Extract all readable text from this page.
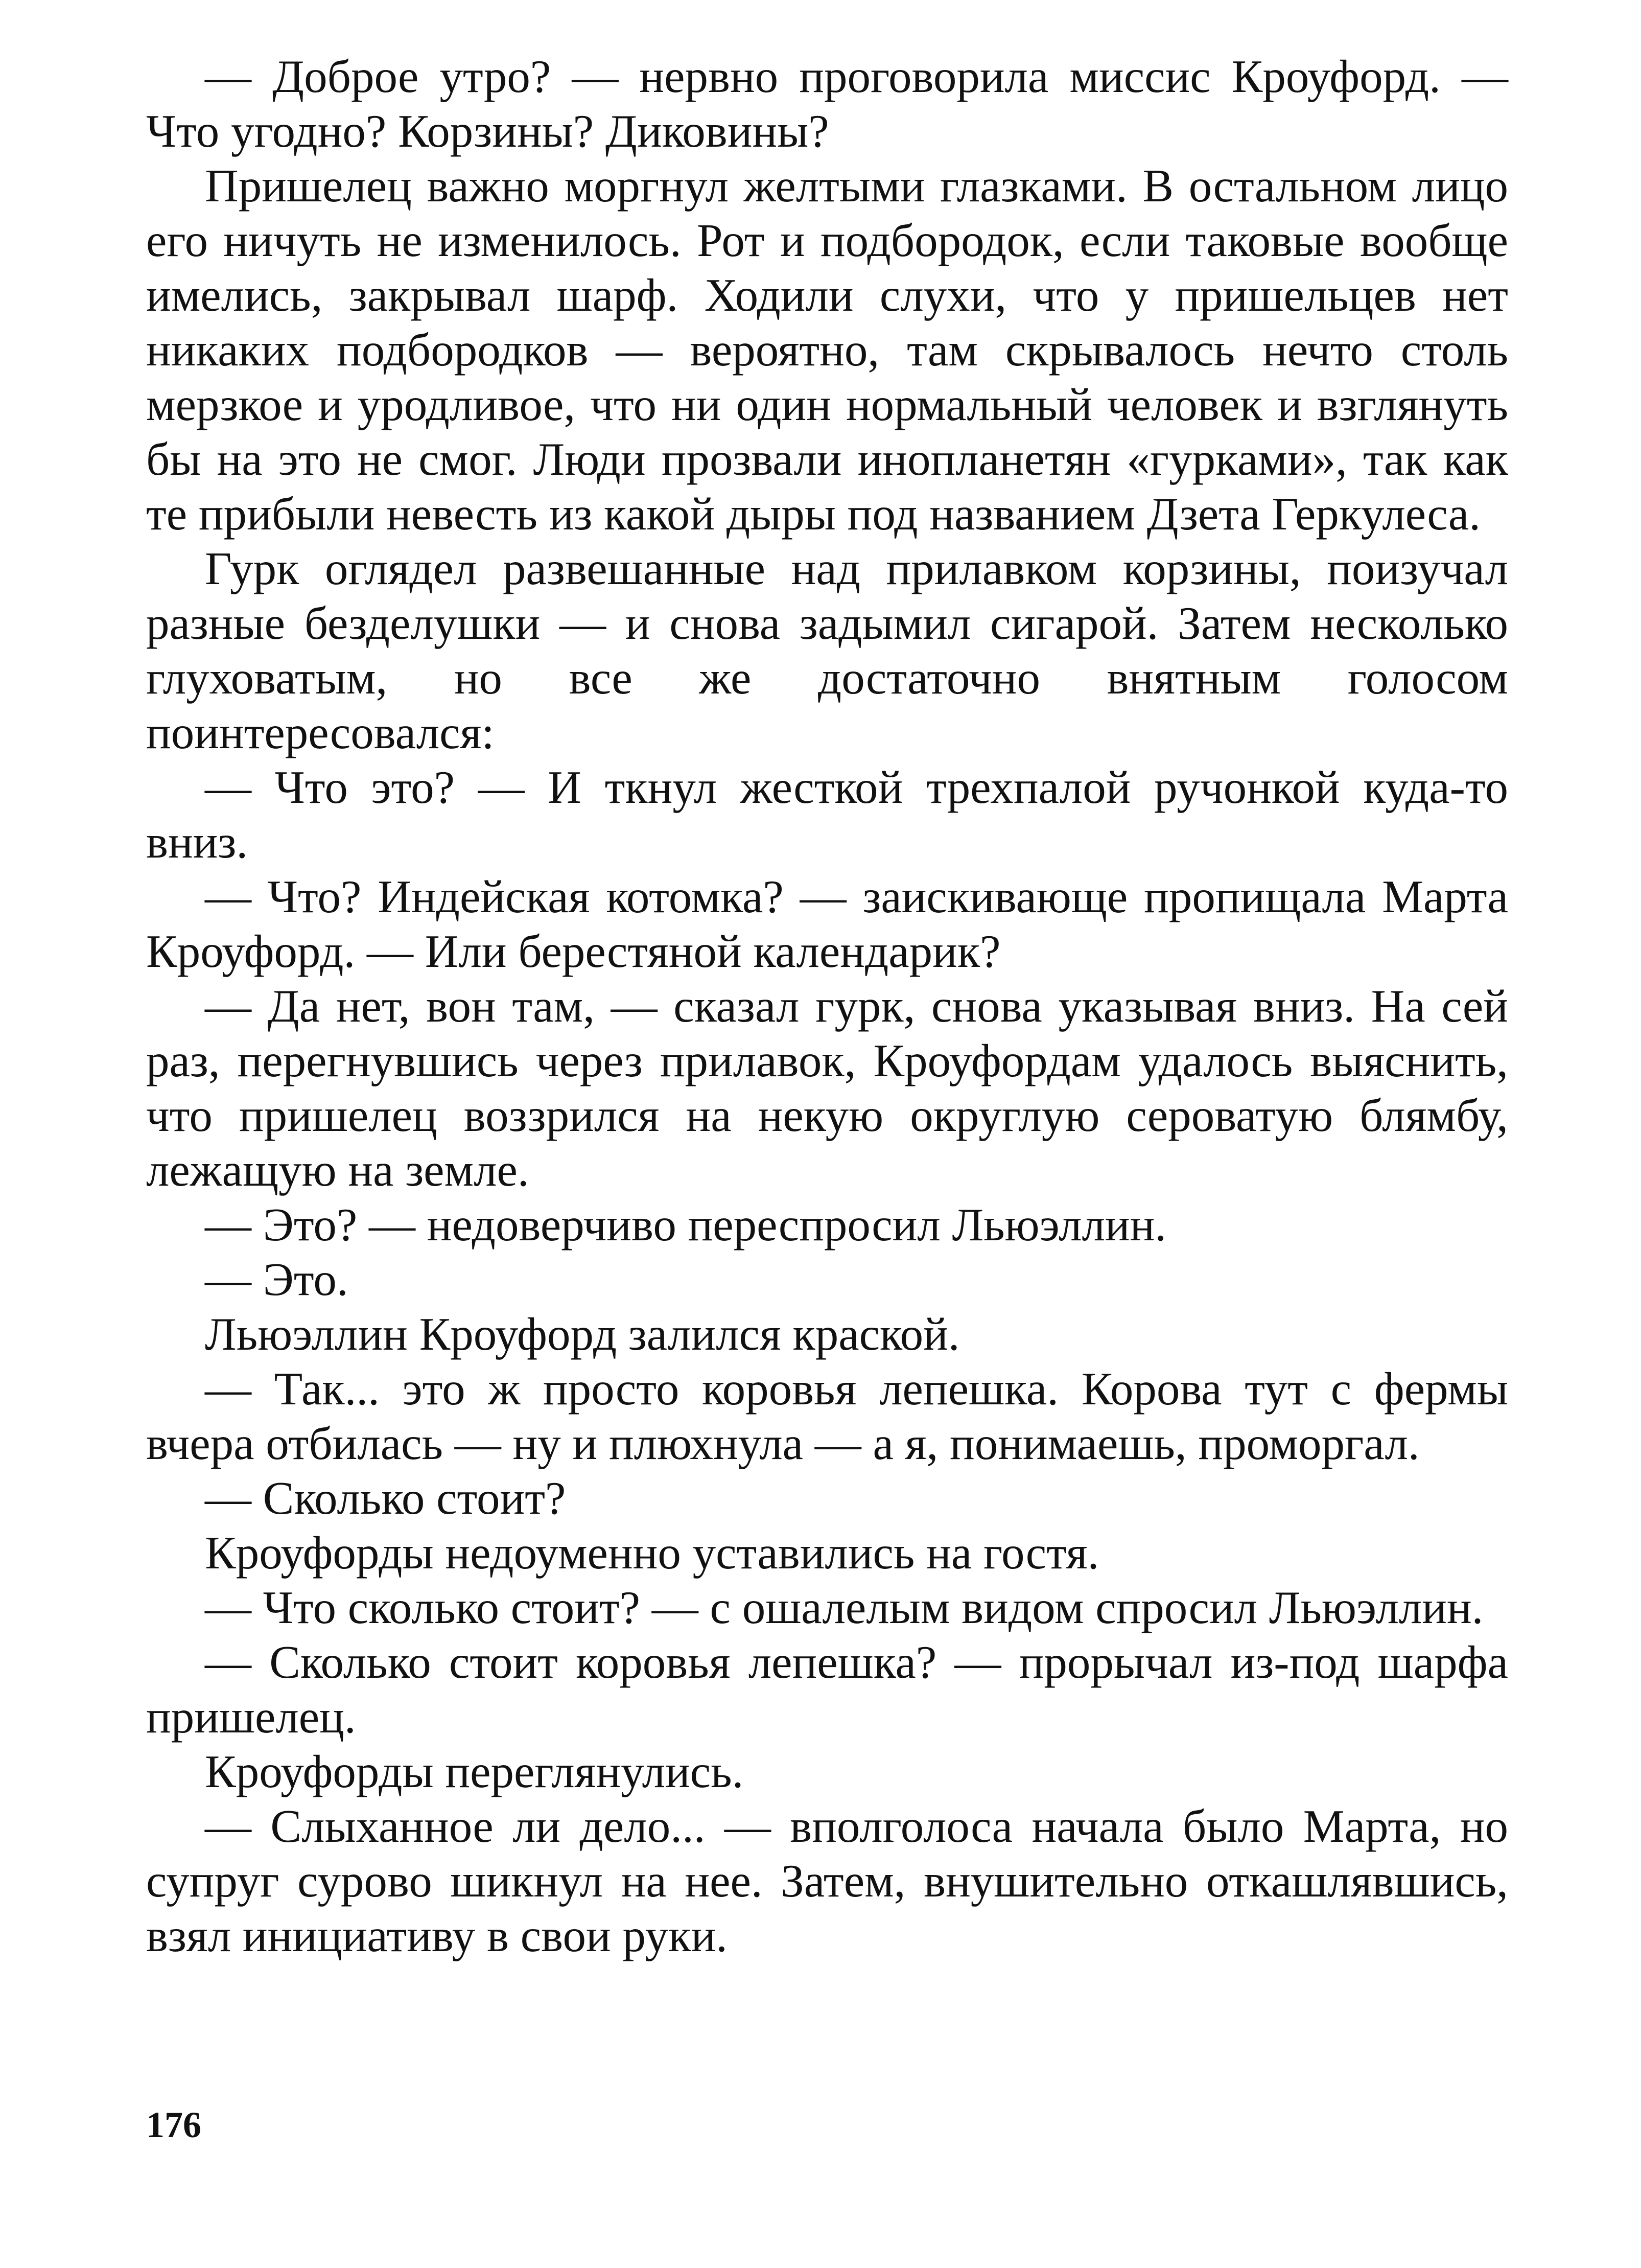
— Доброе утро? — нервно проговорила миссис Кроуфорд. — Что угодно? Корзины? Диковины?

Пришелец важно моргнул желтыми глазками. В остальном лицо его ничуть не изменилось. Рот и подбородок, если таковые вообще имелись, закрывал шарф. Ходили слухи, что у пришельцев нет никаких подбородков — вероятно, там скрывалось нечто столь мерзкое и уродливое, что ни один нормальный человек и взглянуть бы на это не смог. Люди прозвали инопланетян «гурками», так как те прибыли невесть из какой дыры под названием Дзета Геркулеса.

Гурк оглядел развешанные над прилавком корзины, поизучал разные безделушки — и снова задымил сигарой. Затем несколько глуховатым, но все же достаточно внятным голосом поинтересовался:

— Что это? — И ткнул жесткой трехпалой ручонкой куда-то вниз.

— Что? Индейская котомка? — заискивающе пропищала Марта Кроуфорд. — Или берестяной календарик?

— Да нет, вон там, — сказал гурк, снова указывая вниз. На сей раз, перегнувшись через прилавок, Кроуфордам удалось выяснить, что пришелец воззрился на некую округлую сероватую блямбу, лежащую на земле.

— Это? — недоверчиво переспросил Льюэллин.

— Это.

Льюэллин Кроуфорд залился краской.

— Так... это ж просто коровья лепешка. Корова тут с фермы вчера отбилась — ну и плюхнула — а я, понимаешь, проморгал.

— Сколько стоит?

Кроуфорды недоуменно уставились на гостя.

— Что сколько стоит? — с ошалелым видом спросил Льюэллин.

— Сколько стоит коровья лепешка? — прорычал из-под шарфа пришелец.

Кроуфорды переглянулись.

— Слыханное ли дело... — вполголоса начала было Марта, но супруг сурово шикнул на нее. Затем, внушительно откашлявшись, взял инициативу в свои руки.

176
